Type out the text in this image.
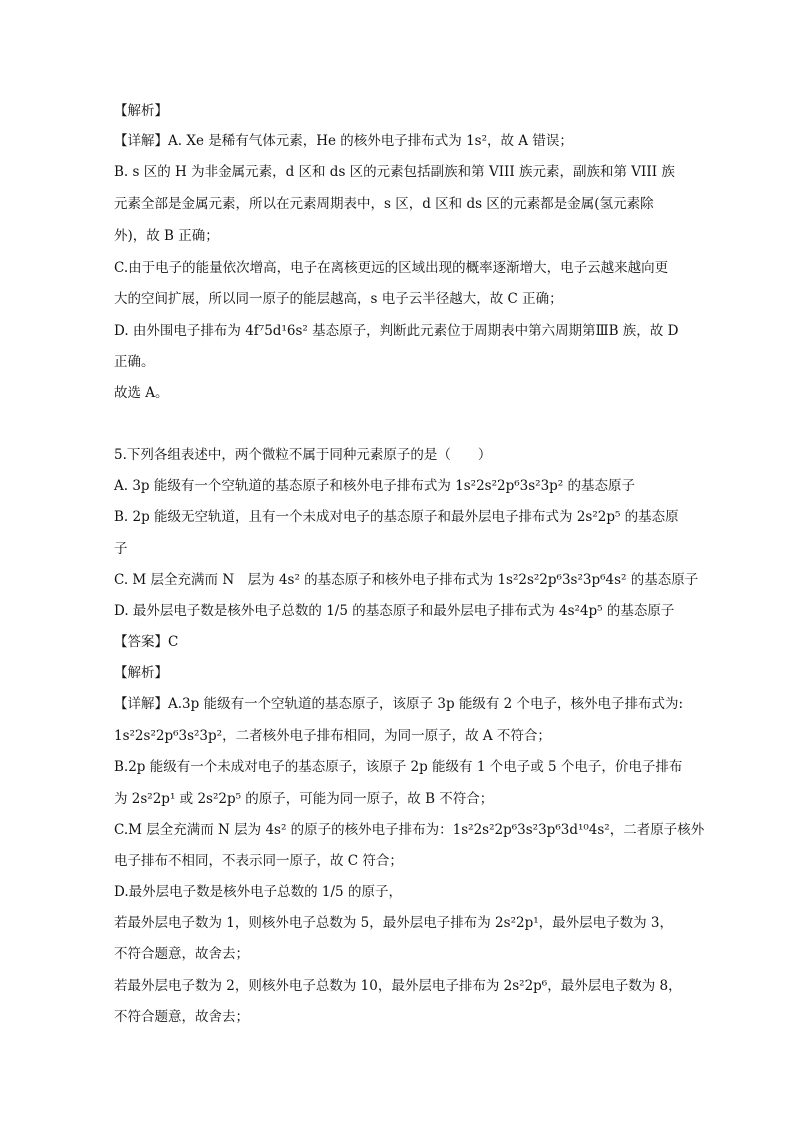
【解析】
【详解】A. Xe 是稀有气体元素，He 的核外电子排布式为 1s²，故 A 错误；
B. s 区的 H 为非金属元素，d 区和 ds 区的元素包括副族和第 VIII 族元素，副族和第 VIII 族
元素全部是金属元素，所以在元素周期表中，s 区，d 区和 ds 区的元素都是金属(氢元素除
外)，故 B 正确；
C.由于电子的能量依次增高，电子在离核更远的区域出现的概率逐渐增大，电子云越来越向更
大的空间扩展，所以同一原子的能层越高，s 电子云半径越大，故 C 正确；
D. 由外围电子排布为 4f⁷5d¹6s² 基态原子，判断此元素位于周期表中第六周期第ⅢB 族，故 D
正确。
故选 A。
5.下列各组表述中，两个微粒不属于同种元素原子的是（　　）
A. 3p 能级有一个空轨道的基态原子和核外电子排布式为 1s²2s²2p⁶3s²3p² 的基态原子
B. 2p 能级无空轨道，且有一个未成对电子的基态原子和最外层电子排布式为 2s²2p⁵ 的基态原
子
C. M 层全充满而 N　层为 4s² 的基态原子和核外电子排布式为 1s²2s²2p⁶3s²3p⁶4s² 的基态原子
D. 最外层电子数是核外电子总数的 1/5 的基态原子和最外层电子排布式为 4s²4p⁵ 的基态原子
【答案】C
【解析】
【详解】A.3p 能级有一个空轨道的基态原子，该原子 3p 能级有 2 个电子，核外电子排布式为:
1s²2s²2p⁶3s²3p²，二者核外电子排布相同，为同一原子，故 A 不符合；
B.2p 能级有一个未成对电子的基态原子，该原子 2p 能级有 1 个电子或 5 个电子，价电子排布
为 2s²2p¹ 或 2s²2p⁵ 的原子，可能为同一原子，故 B 不符合；
C.M 层全充满而 N 层为 4s² 的原子的核外电子排布为：1s²2s²2p⁶3s²3p⁶3d¹⁰4s²，二者原子核外
电子排布不相同，不表示同一原子，故 C 符合；
D.最外层电子数是核外电子总数的 1/5 的原子，
若最外层电子数为 1，则核外电子总数为 5，最外层电子排布为 2s²2p¹，最外层电子数为 3，
不符合题意，故舍去；
若最外层电子数为 2，则核外电子总数为 10，最外层电子排布为 2s²2p⁶，最外层电子数为 8，
不符合题意，故舍去；
